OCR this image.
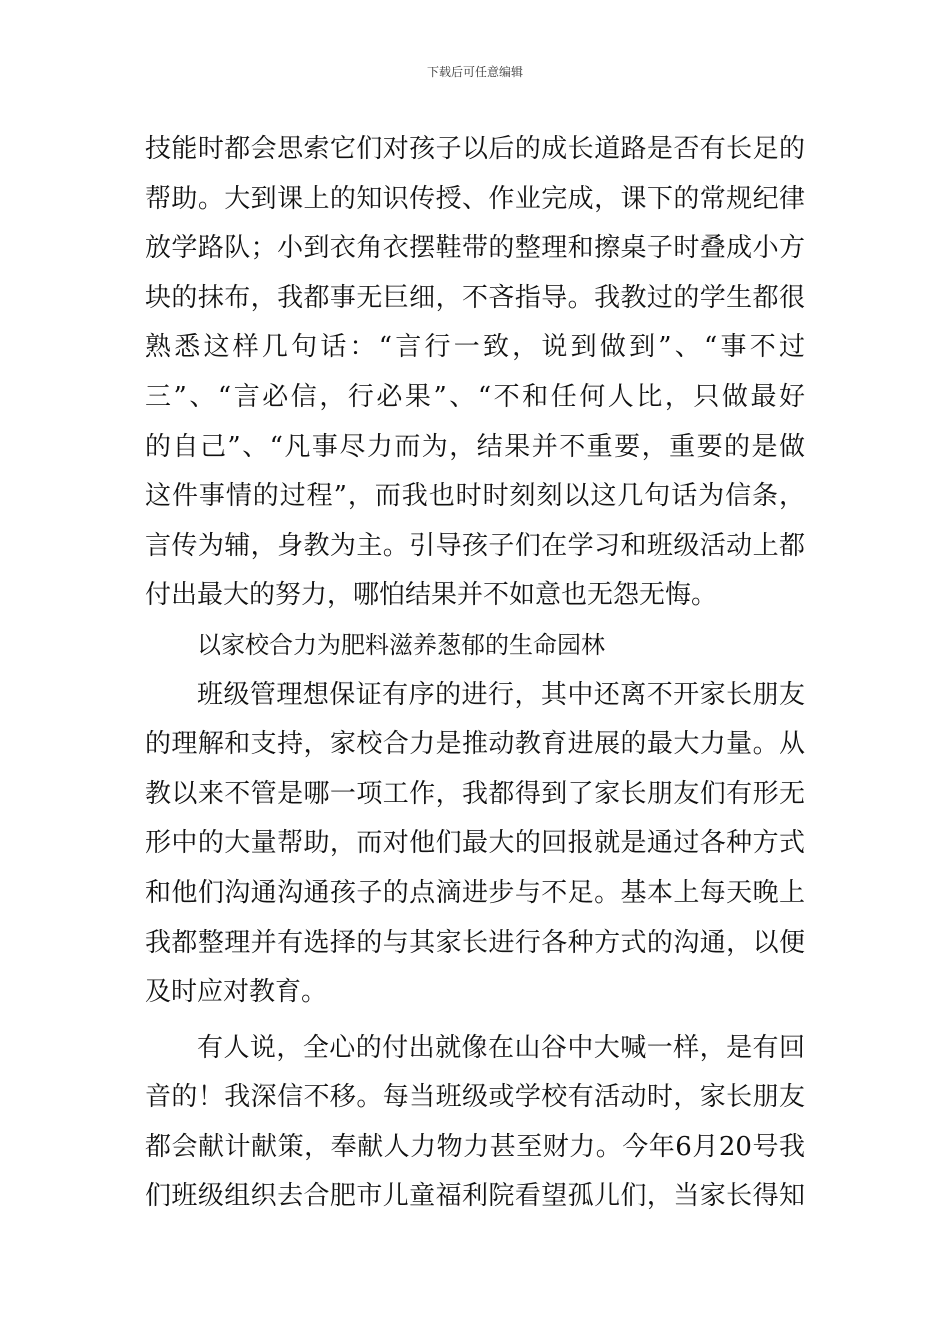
下载后可任意编辑
技能时都会思索它们对孩子以后的成长道路是否有长足的
帮助。大到课上的知识传授、作业完成，课下的常规纪律
放学路队；小到衣角衣摆鞋带的整理和擦桌子时叠成小方
块的抹布，我都事无巨细，不吝指导。我教过的学生都很
熟悉这样几句话：“言行一致，说到做到”、“事不过
三”、“言必信，行必果”、“不和任何人比，只做最好
的自己”、“凡事尽力而为，结果并不重要，重要的是做
这件事情的过程”，而我也时时刻刻以这几句话为信条，
言传为辅，身教为主。引导孩子们在学习和班级活动上都
付出最大的努力，哪怕结果并不如意也无怨无悔。
以家校合力为肥料滋养葱郁的生命园林
班级管理想保证有序的进行，其中还离不开家长朋友
的理解和支持，家校合力是推动教育进展的最大力量。从
教以来不管是哪一项工作，我都得到了家长朋友们有形无
形中的大量帮助，而对他们最大的回报就是通过各种方式
和他们沟通沟通孩子的点滴进步与不足。基本上每天晚上
我都整理并有选择的与其家长进行各种方式的沟通，以便
及时应对教育。
有人说，全心的付出就像在山谷中大喊一样，是有回
音的！我深信不移。每当班级或学校有活动时，家长朋友
都会献计献策，奉献人力物力甚至财力。今年6月20号我
们班级组织去合肥市儿童福利院看望孤儿们，当家长得知
